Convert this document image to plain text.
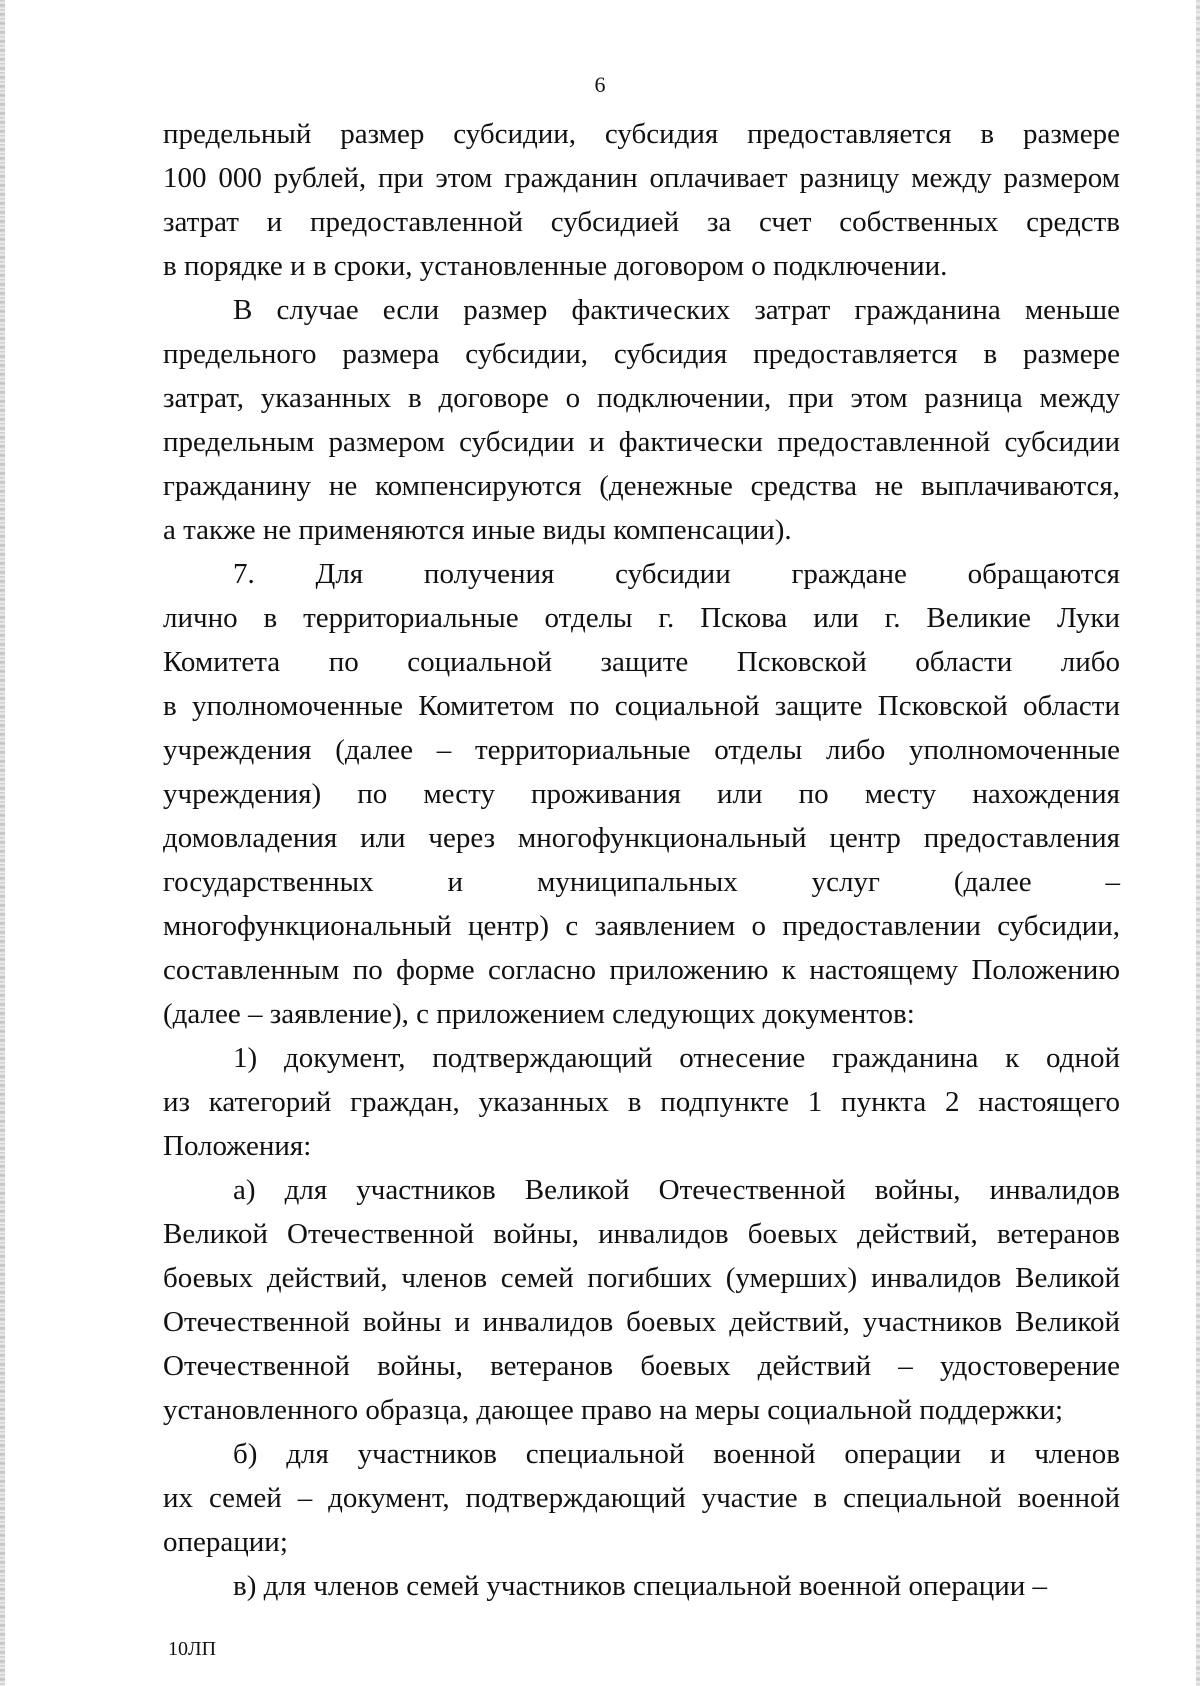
6
предельный размер субсидии, субсидия предоставляется в размере
100 000 рублей, при этом гражданин оплачивает разницу между размером
затрат и предоставленной субсидией за счет собственных средств
в порядке и в сроки, установленные договором о подключении.
В случае если размер фактических затрат гражданина меньше
предельного размера субсидии, субсидия предоставляется в размере
затрат, указанных в договоре о подключении, при этом разница между
предельным размером субсидии и фактически предоставленной субсидии
гражданину не компенсируются (денежные средства не выплачиваются,
а также не применяются иные виды компенсации).
7. Для получения субсидии граждане обращаются
лично в территориальные отделы г. Пскова или г. Великие Луки
Комитета по социальной защите Псковской области либо
в уполномоченные Комитетом по социальной защите Псковской области
учреждения (далее – территориальные отделы либо уполномоченные
учреждения) по месту проживания или по месту нахождения
домовладения или через многофункциональный центр предоставления
государственных и муниципальных услуг (далее –
многофункциональный центр) с заявлением о предоставлении субсидии,
составленным по форме согласно приложению к настоящему Положению
(далее – заявление), с приложением следующих документов:
1) документ, подтверждающий отнесение гражданина к одной
из категорий граждан, указанных в подпункте 1 пункта 2 настоящего
Положения:
а) для участников Великой Отечественной войны, инвалидов
Великой Отечественной войны, инвалидов боевых действий, ветеранов
боевых действий, членов семей погибших (умерших) инвалидов Великой
Отечественной войны и инвалидов боевых действий, участников Великой
Отечественной войны, ветеранов боевых действий – удостоверение
установленного образца, дающее право на меры социальной поддержки;
б) для участников специальной военной операции и членов
их семей – документ, подтверждающий участие в специальной военной
операции;
в) для членов семей участников специальной военной операции –
10ЛП
